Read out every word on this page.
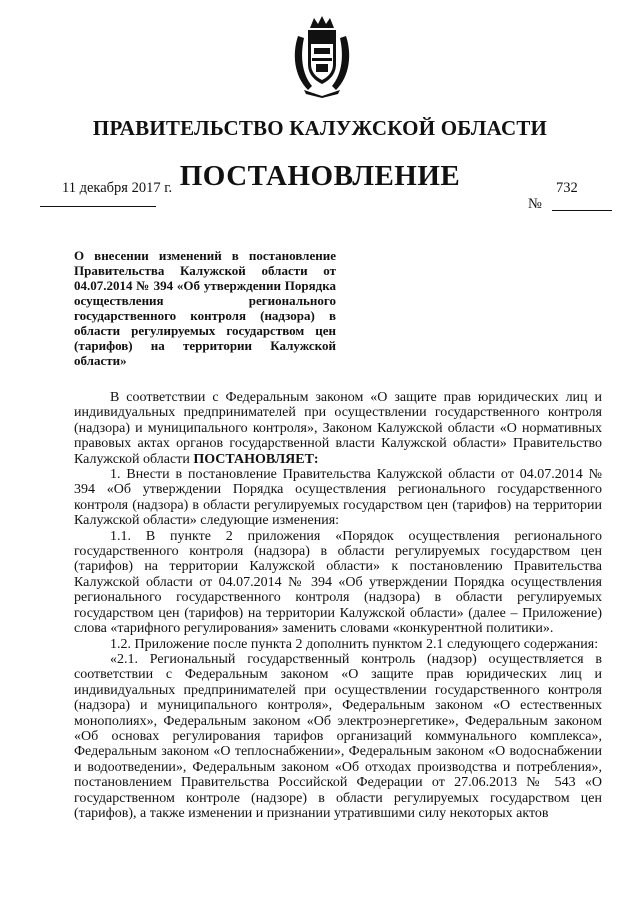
ПРАВИТЕЛЬСТВО КАЛУЖСКОЙ ОБЛАСТИ
ПОСТАНОВЛЕНИЕ
11 декабря 2017 г.	732
№
О внесении изменений в постановление Правительства Калужской области от 04.07.2014 № 394 «Об утверждении Порядка осуществления регионального государственного контроля (надзора) в области регулируемых государством цен (тарифов) на территории Калужской области»

В соответствии с Федеральным законом «О защите прав юридических лиц и индивидуальных предпринимателей при осуществлении государственного контроля (надзора) и муниципального контроля», Законом Калужской области «О нормативных правовых актах органов государственной власти Калужской области» Правительство Калужской области ПОСТАНОВЛЯЕТ:

1. Внести в постановление Правительства Калужской области от 04.07.2014 № 394 «Об утверждении Порядка осуществления регионального государственного контроля (надзора) в области регулируемых государством цен (тарифов) на территории Калужской области» следующие изменения:

1.1. В пункте 2 приложения «Порядок осуществления регионального государственного контроля (надзора) в области регулируемых государством цен (тарифов) на территории Калужской области» к постановлению Правительства Калужской области от 04.07.2014 № 394 «Об утверждении Порядка осуществления регионального государственного контроля (надзора) в области регулируемых государством цен (тарифов) на территории Калужской области» (далее – Приложение) слова «тарифного регулирования» заменить словами «конкурентной политики».

1.2. Приложение после пункта 2 дополнить пунктом 2.1 следующего содержания:

«2.1. Региональный государственный контроль (надзор) осуществляется в соответствии с Федеральным законом «О защите прав юридических лиц и индивидуальных предпринимателей при осуществлении государственного контроля (надзора) и муниципального контроля», Федеральным законом «О естественных монополиях», Федеральным законом «Об электроэнергетике», Федеральным законом «Об основах регулирования тарифов организаций коммунального комплекса», Федеральным законом «О теплоснабжении», Федеральным законом «О водоснабжении и водоотведении», Федеральным законом «Об отходах производства и потребления», постановлением Правительства Российской Федерации от 27.06.2013 № 543 «О государственном контроле (надзоре) в области регулируемых государством цен (тарифов), а также изменении и признании утратившими силу некоторых актов
